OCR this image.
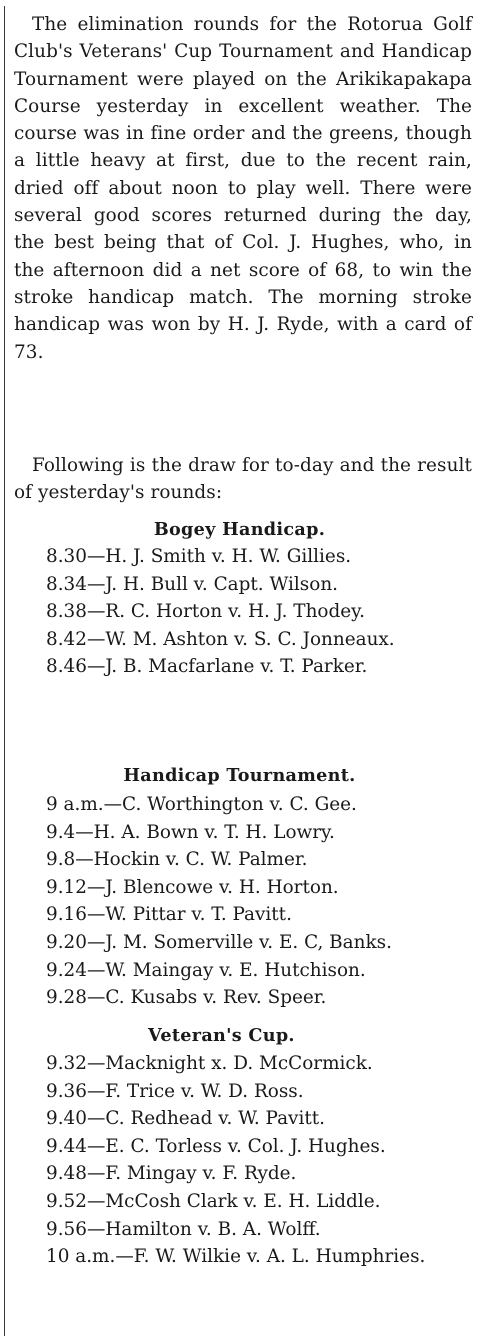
The elimination rounds for the Rotorua Golf Club's Veterans' Cup Tournament and Handicap Tournament were played on the Arikikapakapa Course yesterday in excellent weather. The course was in fine order and the greens, though a little heavy at first, due to the recent rain, dried off about noon to play well. There were several good scores returned during the day, the best being that of Col. J. Hughes, who, in the afternoon did a net score of 68, to win the stroke handicap match. The morning stroke handicap was won by H. J. Ryde, with a card of 73.

Following is the draw for to-day and the result of yesterday's rounds:

Bogey Handicap.
8.30—H. J. Smith v. H. W. Gillies.
8.34—J. H. Bull v. Capt. Wilson.
8.38—R. C. Horton v. H. J. Thodey.
8.42—W. M. Ashton v. S. C. Jonneaux.
8.46—J. B. Macfarlane v. T. Parker.
Handicap Tournament.
9 a.m.—C. Worthington v. C. Gee.
9.4—H. A. Bown v. T. H. Lowry.
9.8—Hockin v. C. W. Palmer.
9.12—J. Blencowe v. H. Horton.
9.16—W. Pittar v. T. Pavitt.
9.20—J. M. Somerville v. E. C, Banks.
9.24—W. Maingay v. E. Hutchison.
9.28—C. Kusabs v. Rev. Speer.
Veteran's Cup.
9.32—Macknight x. D. McCormick.
9.36—F. Trice v. W. D. Ross.
9.40—C. Redhead v. W. Pavitt.
9.44—E. C. Torless v. Col. J. Hughes.
9.48—F. Mingay v. F. Ryde.
9.52—McCosh Clark v. E. H. Liddle.
9.56—Hamilton v. B. A. Wolff.
10 a.m.—F. W. Wilkie v. A. L. Humphries.
